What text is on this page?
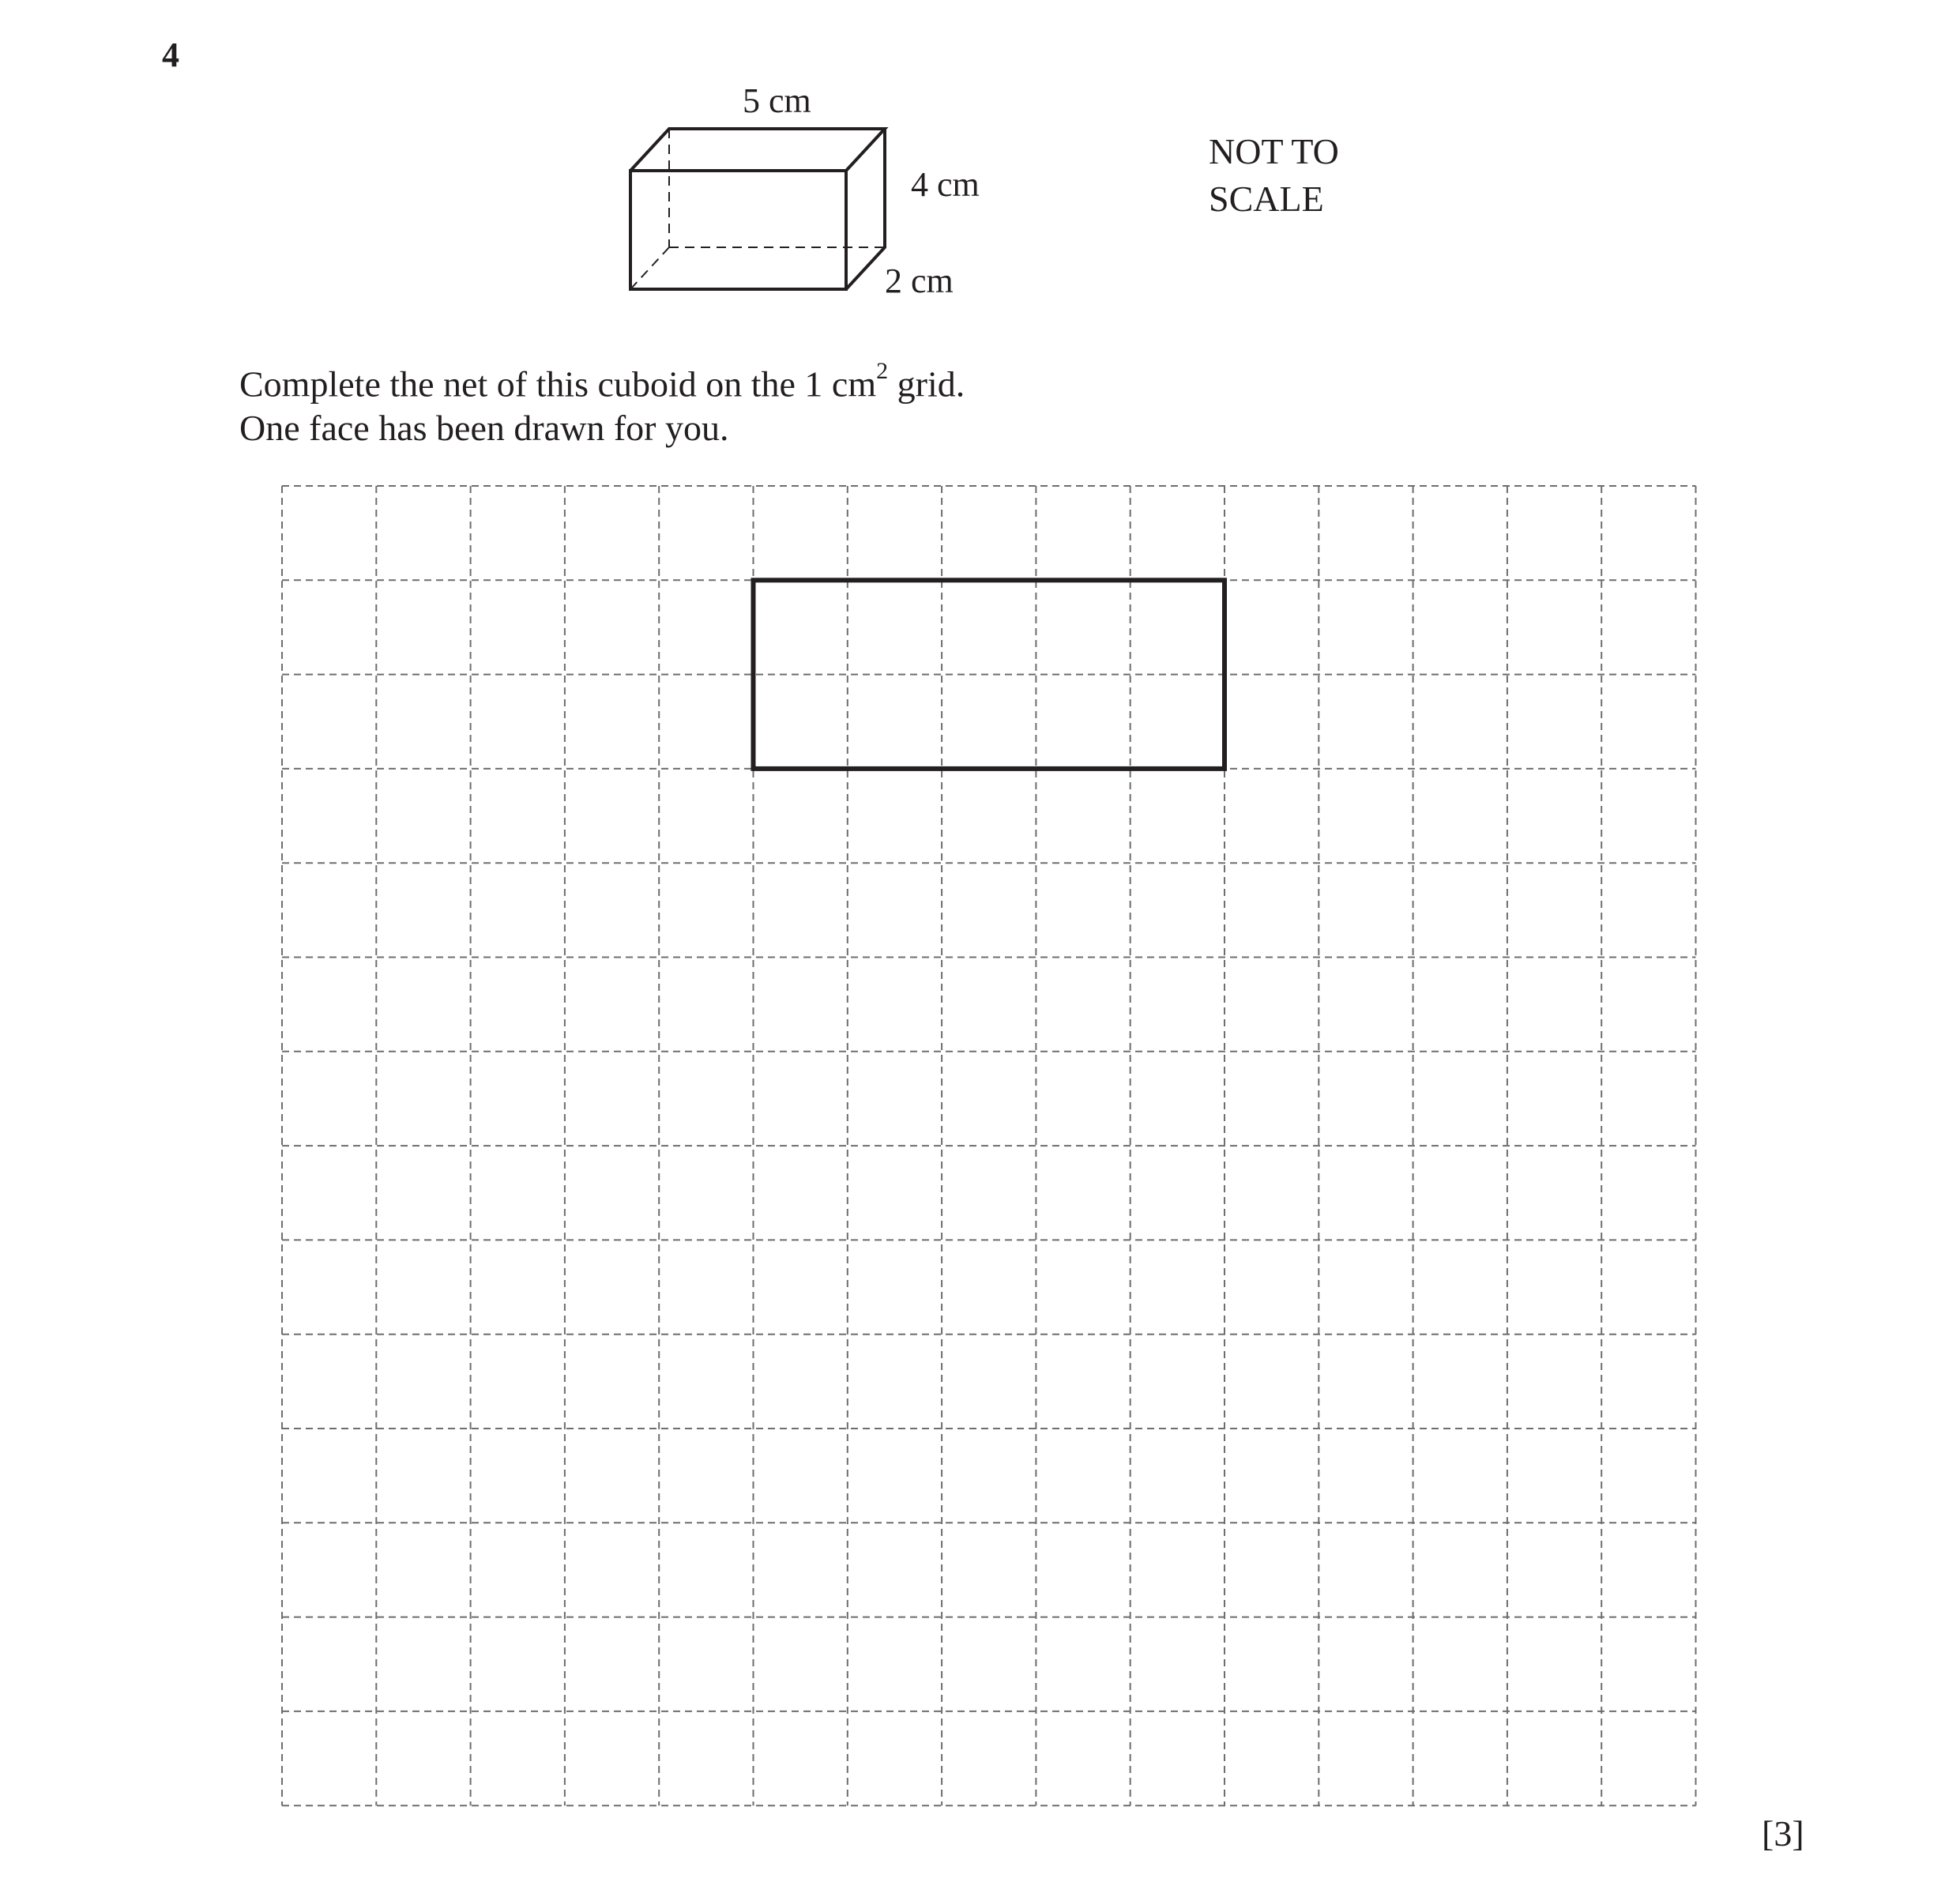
4
5 cm
4 cm
2 cm
NOT TO
SCALE
Complete the net of this cuboid on the 1 $cm^2$ grid.
One face has been drawn for you.
[3]
